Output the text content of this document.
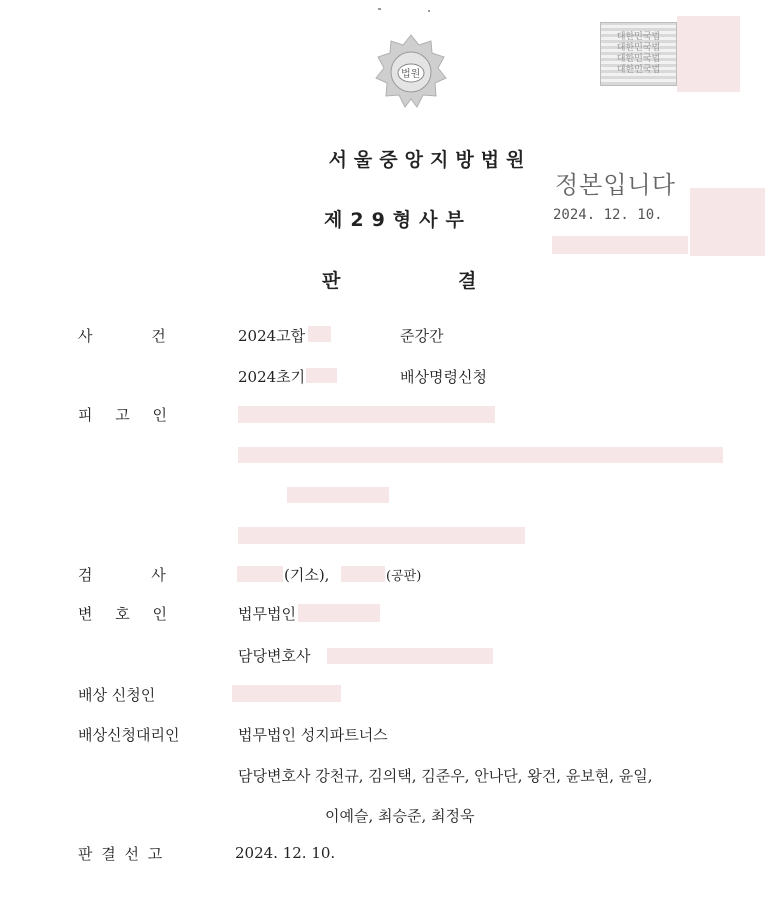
법원
대한민국법
대한민국법
대한민국법
대한민국법
서울중앙지방법원
제29형사부
판	결
정본입니다
2024. 12. 10.
사 건	2024고합	준강간
2024초기	배상명령신청
피 고 인
검 사	(기소),	(공판)
변 호 인	법무법인
담당변호사
배상 신청인
배상신청대리인	법무법인 성지파트너스
담당변호사 강천규, 김의택, 김준우, 안나단, 왕건, 윤보현, 윤일,
이예슬, 최승준, 최정욱
판 결 선 고	2024. 12. 10.
